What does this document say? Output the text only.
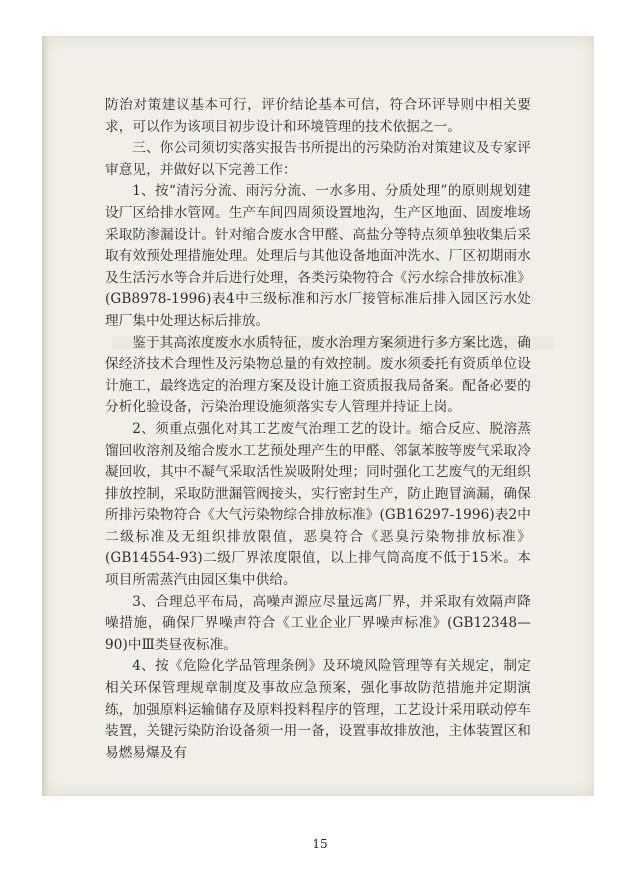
防治对策建议基本可行，评价结论基本可信，符合环评导则中相关要求，可以作为该项目初步设计和环境管理的技术依据之一。

三、你公司须切实落实报告书所提出的污染防治对策建议及专家评审意见，并做好以下完善工作：

1、按“清污分流、雨污分流、一水多用、分质处理”的原则规划建设厂区给排水管网。生产车间四周须设置地沟，生产区地面、固废堆场采取防渗漏设计。针对缩合废水含甲醛、高盐分等特点须单独收集后采取有效预处理措施处理。处理后与其他设备地面冲洗水、厂区初期雨水及生活污水等合并后进行处理，各类污染物符合《污水综合排放标准》(GB8978-1996)表4中三级标准和污水厂接管标准后排入园区污水处理厂集中处理达标后排放。

鉴于其高浓度废水水质特征，废水治理方案须进行多方案比选，确保经济技术合理性及污染物总量的有效控制。废水须委托有资质单位设计施工，最终选定的治理方案及设计施工资质报我局备案。配备必要的分析化验设备，污染治理设施须落实专人管理并持证上岗。

2、须重点强化对其工艺废气治理工艺的设计。缩合反应、脱溶蒸馏回收溶剂及缩合废水工艺预处理产生的甲醛、邻氯苯胺等废气采取冷凝回收，其中不凝气采取活性炭吸附处理；同时强化工艺废气的无组织排放控制，采取防泄漏管阀接头，实行密封生产，防止跑冒滴漏，确保所排污染物符合《大气污染物综合排放标准》(GB16297-1996)表2中二级标准及无组织排放限值，恶臭符合《恶臭污染物排放标准》(GB14554-93)二级厂界浓度限值，以上排气筒高度不低于15米。本项目所需蒸汽由园区集中供给。

3、合理总平布局，高噪声源应尽量远离厂界，并采取有效隔声降噪措施，确保厂界噪声符合《工业企业厂界噪声标准》(GB12348—90)中Ⅲ类昼夜标准。

4、按《危险化学品管理条例》及环境风险管理等有关规定，制定相关环保管理规章制度及事故应急预案，强化事故防范措施并定期演练，加强原料运输储存及原料投料程序的管理，工艺设计采用联动停车装置，关键污染防治设备须一用一备，设置事故排放池，主体装置区和易燃易爆及有

15
